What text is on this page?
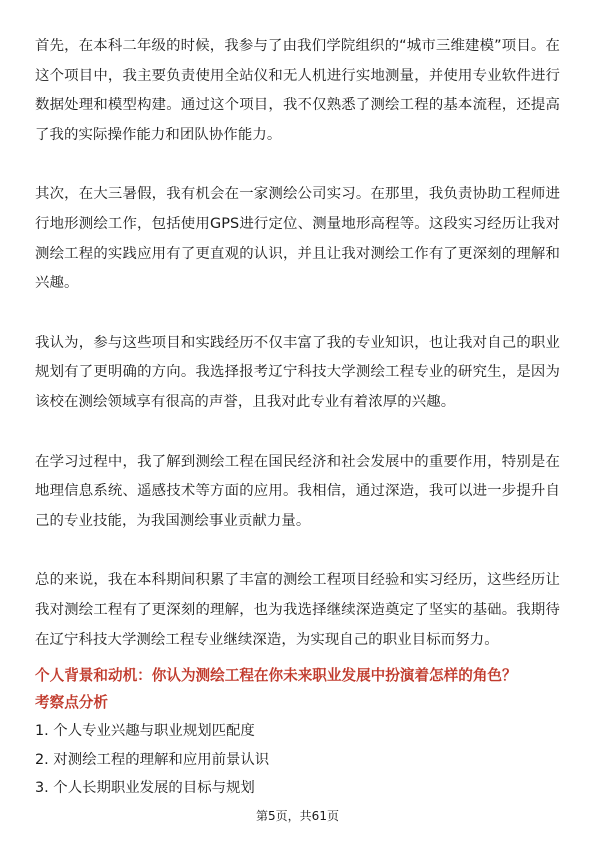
首先，在本科二年级的时候，我参与了由我们学院组织的“城市三维建模”项目。在这个项目中，我主要负责使用全站仪和无人机进行实地测量，并使用专业软件进行数据处理和模型构建。通过这个项目，我不仅熟悉了测绘工程的基本流程，还提高了我的实际操作能力和团队协作能力。

其次，在大三暑假，我有机会在一家测绘公司实习。在那里，我负责协助工程师进行地形测绘工作，包括使用GPS进行定位、测量地形高程等。这段实习经历让我对测绘工程的实践应用有了更直观的认识，并且让我对测绘工作有了更深刻的理解和兴趣。

我认为，参与这些项目和实践经历不仅丰富了我的专业知识，也让我对自己的职业规划有了更明确的方向。我选择报考辽宁科技大学测绘工程专业的研究生，是因为该校在测绘领域享有很高的声誉，且我对此专业有着浓厚的兴趣。

在学习过程中，我了解到测绘工程在国民经济和社会发展中的重要作用，特别是在地理信息系统、遥感技术等方面的应用。我相信，通过深造，我可以进一步提升自己的专业技能，为我国测绘事业贡献力量。

总的来说，我在本科期间积累了丰富的测绘工程项目经验和实习经历，这些经历让我对测绘工程有了更深刻的理解，也为我选择继续深造奠定了坚实的基础。我期待在辽宁科技大学测绘工程专业继续深造，为实现自己的职业目标而努力。

个人背景和动机：你认为测绘工程在你未来职业发展中扮演着怎样的角色？
考察点分析
1. 个人专业兴趣与职业规划匹配度
2. 对测绘工程的理解和应用前景认识
3. 个人长期职业发展的目标与规划
第5页，共61页
